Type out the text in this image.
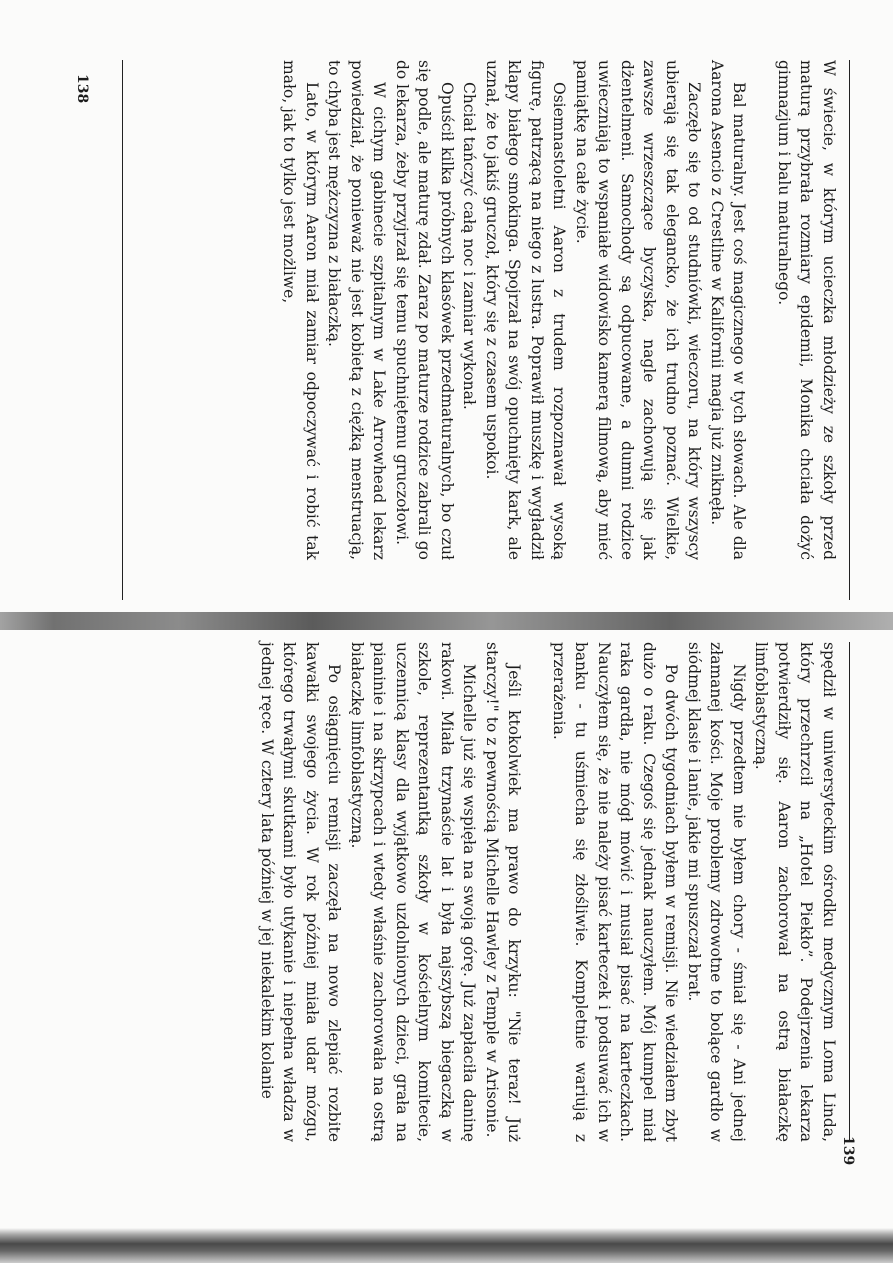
W świecie, w którym ucieczka młodzieży ze szkoły przed maturą przybrała rozmiary epidemii, Monika chciała dożyć gimnazjum i balu maturalnego.

Bal maturalny. Jest coś magicznego w tych słowach. Ale dla Aarona Asencio z Crestline w Kalifornii magia już zniknęła.

Zaczęło się to od studniówki, wieczoru, na który wszyscy ubierają się tak elegancko, że ich trudno poznać. Wielkie, zawsze wrzeszczące byczyska, nagle zachowują się jak dżentelmeni. Samochody są odpucowane, a dumni rodzice uwieczniają to wspaniałe widowisko kamerą filmową, aby mieć pamiątkę na całe życie.

Osiemnastoletni Aaron z trudem rozpoznawał wysoką figurę, patrzącą na niego z lustra. Poprawił muszkę i wygładził klapy białego smokinga. Spojrzał na swój opuchnięty kark, ale uznał, że to jakiś gruczoł, który się z czasem uspokoi.

Chciał tańczyć całą noc i zamiar wykonał.

Opuścił kilka próbnych klasówek przedmaturalnych, bo czuł się podle, ale maturę zdał. Zaraz po maturze rodzice zabrali go do lekarza, żeby przyjrzał się temu spuchniętemu gruczołowi.

W cichym gabinecie szpitalnym w Lake Arrowhead lekarz powiedział, że ponieważ nie jest kobietą z ciężką menstruacją, to chyba jest mężczyzna z białaczką.

Lato, w którym Aaron miał zamiar odpoczywać i robić tak mało, jak to tylko jest możliwe,

138
139

spędził w uniwersyteckim ośrodku medycznym Loma Linda, który przechrzcił na „Hotel Piekło”. Podejrzenia lekarza potwierdziły się. Aaron zachorował na ostrą białaczkę limfoblastyczną.

Nigdy przedtem nie byłem chory - śmiał się - Ani jednej złamanej kości. Moje problemy zdrowotne to bolące gardło w siódmej klasie i lanie, jakie mi spuszczał brat.

Po dwóch tygodniach byłem w remisji. Nie wiedziałem zbyt dużo o raku. Czegoś się jednak nauczyłem. Mój kumpel miał raka gardła, nie mógł mówić i musiał pisać na karteczkach. Nauczyłem się, że nie należy pisać karteczek i podsuwać ich w banku - tu uśmiecha się złośliwie. Kompletnie wariują z przerażenia.

Jeśli ktokolwiek ma prawo do krzyku: "Nie teraz! Już starczy!" to z pewnością Michelle Hawley z Temple w Arisonie.

Michelle już się wspięła na swoją górę. Już zapłaciła daninę rakowi. Miała trzynaście lat i była najszybszą biegaczką w szkole, reprezentantką szkoły w kościelnym komitecie, uczennicą klasy dla wyjątkowo uzdolnionych dzieci, grała na pianinie i na skrzypcach i wtedy właśnie zachorowała na ostrą białaczkę limfoblastyczną.

Po osiągnięciu remisji zaczęła na nowo zlepiać rozbite kawałki swojego życia. W rok później miała udar mózgu, którego trwałymi skutkami było utykanie i niepełna władza w jednej ręce. W cztery lata później w jej niekalekim kolanie
